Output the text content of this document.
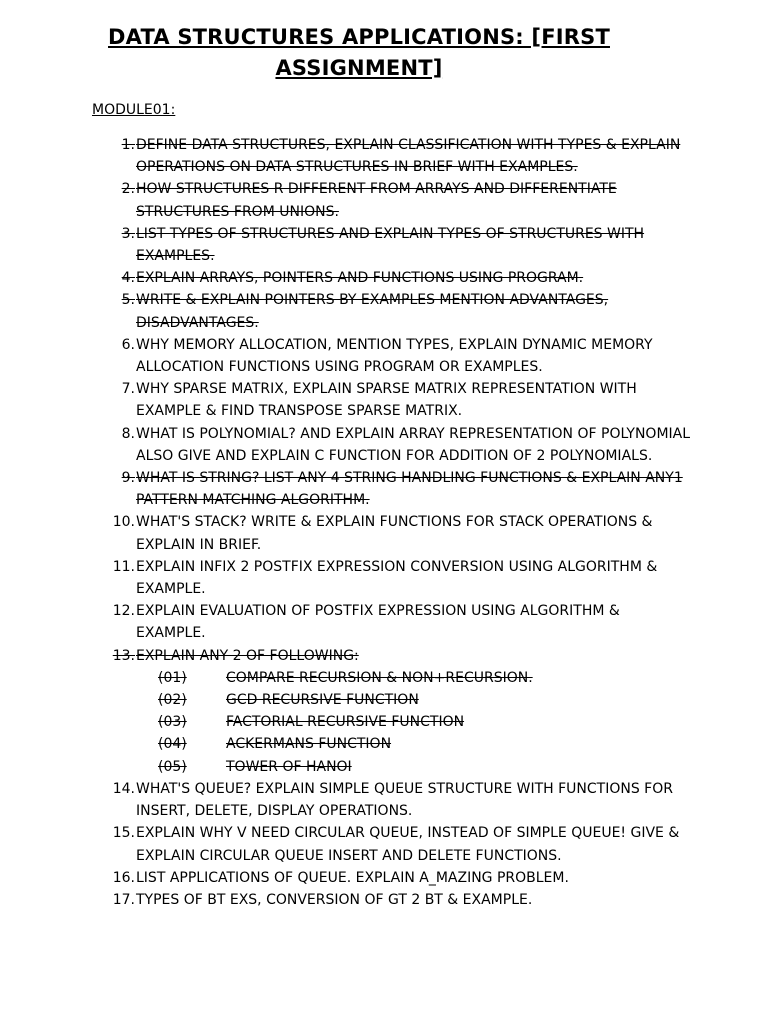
DATA STRUCTURES APPLICATIONS: [FIRST ASSIGNMENT]
MODULE01:
1. DEFINE DATA STRUCTURES, EXPLAIN CLASSIFICATION WITH TYPES & EXPLAIN OPERATIONS ON DATA STRUCTURES IN BRIEF WITH EXAMPLES.
2. HOW STRUCTURES R DIFFERENT FROM ARRAYS AND DIFFERENTIATE STRUCTURES FROM UNIONS.
3. LIST TYPES OF STRUCTURES AND EXPLAIN TYPES OF STRUCTURES WITH EXAMPLES.
4. EXPLAIN ARRAYS, POINTERS AND FUNCTIONS USING PROGRAM.
5. WRITE & EXPLAIN POINTERS BY EXAMPLES MENTION ADVANTAGES, DISADVANTAGES.
6. WHY MEMORY ALLOCATION, MENTION TYPES, EXPLAIN DYNAMIC MEMORY ALLOCATION FUNCTIONS USING PROGRAM OR EXAMPLES.
7. WHY SPARSE MATRIX, EXPLAIN SPARSE MATRIX REPRESENTATION WITH EXAMPLE & FIND TRANSPOSE SPARSE MATRIX.
8. WHAT IS POLYNOMIAL? AND EXPLAIN ARRAY REPRESENTATION OF POLYNOMIAL ALSO GIVE AND EXPLAIN C FUNCTION FOR ADDITION OF 2 POLYNOMIALS.
9. WHAT IS STRING? LIST ANY 4 STRING HANDLING FUNCTIONS & EXPLAIN ANY1 PATTERN MATCHING ALGORITHM.
10. WHAT'S STACK? WRITE & EXPLAIN FUNCTIONS FOR STACK OPERATIONS & EXPLAIN IN BRIEF.
11. EXPLAIN INFIX 2 POSTFIX EXPRESSION CONVERSION USING ALGORITHM & EXAMPLE.
12. EXPLAIN EVALUATION OF POSTFIX EXPRESSION USING ALGORITHM & EXAMPLE.
13. EXPLAIN ANY 2 OF FOLLOWING:
(01)	COMPARE RECURSION & NON+RECURSION.
(02)	GCD RECURSIVE FUNCTION
(03)	FACTORIAL RECURSIVE FUNCTION
(04)	ACKERMANS FUNCTION
(05)	TOWER OF HANOI
14. WHAT'S QUEUE? EXPLAIN SIMPLE QUEUE STRUCTURE WITH FUNCTIONS FOR INSERT, DELETE, DISPLAY OPERATIONS.
15. EXPLAIN WHY V NEED CIRCULAR QUEUE, INSTEAD OF SIMPLE QUEUE! GIVE & EXPLAIN CIRCULAR QUEUE INSERT AND DELETE FUNCTIONS.
16. LIST APPLICATIONS OF QUEUE. EXPLAIN A_MAZING PROBLEM.
17. TYPES OF BT EXS, CONVERSION OF GT 2 BT & EXAMPLE.
